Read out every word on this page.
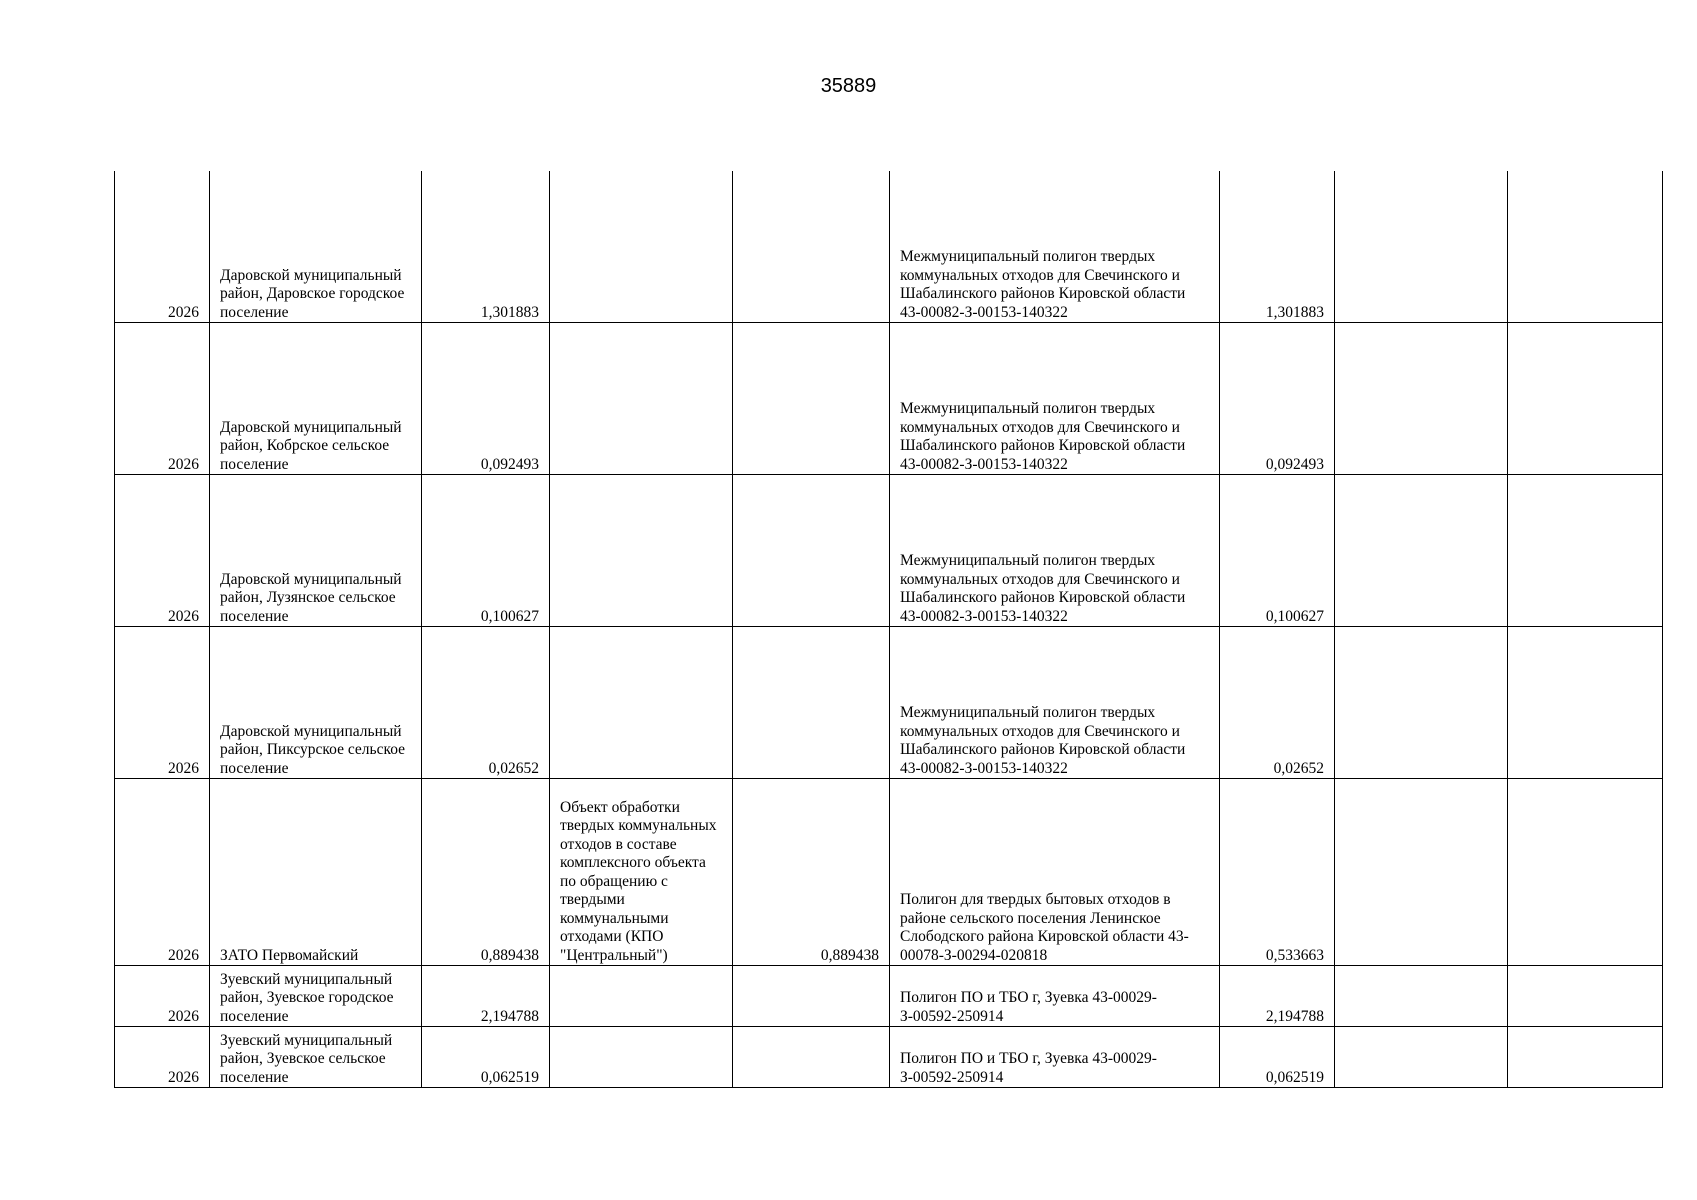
35889
2026	Даровской муниципальный район, Даровское городское поселение	1,301883			Межмуниципальный полигон твердых коммунальных отходов для Свечинского и Шабалинского районов Кировской области 43-00082-З-00153-140322	1,301883		
2026	Даровской муниципальный район, Кобрское сельское поселение	0,092493			Межмуниципальный полигон твердых коммунальных отходов для Свечинского и Шабалинского районов Кировской области 43-00082-З-00153-140322	0,092493		
2026	Даровской муниципальный район, Лузянское сельское поселение	0,100627			Межмуниципальный полигон твердых коммунальных отходов для Свечинского и Шабалинского районов Кировской области 43-00082-З-00153-140322	0,100627		
2026	Даровской муниципальный район, Пиксурское сельское поселение	0,02652			Межмуниципальный полигон твердых коммунальных отходов для Свечинского и Шабалинского районов Кировской области 43-00082-З-00153-140322	0,02652		
2026	ЗАТО Первомайский	0,889438	Объект обработки твердых коммунальных отходов в составе комплексного объекта по обращению с твердыми коммунальными отходами (КПО "Центральный")	0,889438	Полигон для твердых бытовых отходов в районе сельского поселения Ленинское Слободского района Кировской области 43-00078-З-00294-020818	0,533663		
2026	Зуевский муниципальный район, Зуевское городское поселение	2,194788			Полигон ПО и ТБО г, Зуевка 43-00029-З-00592-250914	2,194788		
2026	Зуевский муниципальный район, Зуевское сельское поселение	0,062519			Полигон ПО и ТБО г, Зуевка 43-00029-З-00592-250914	0,062519		
